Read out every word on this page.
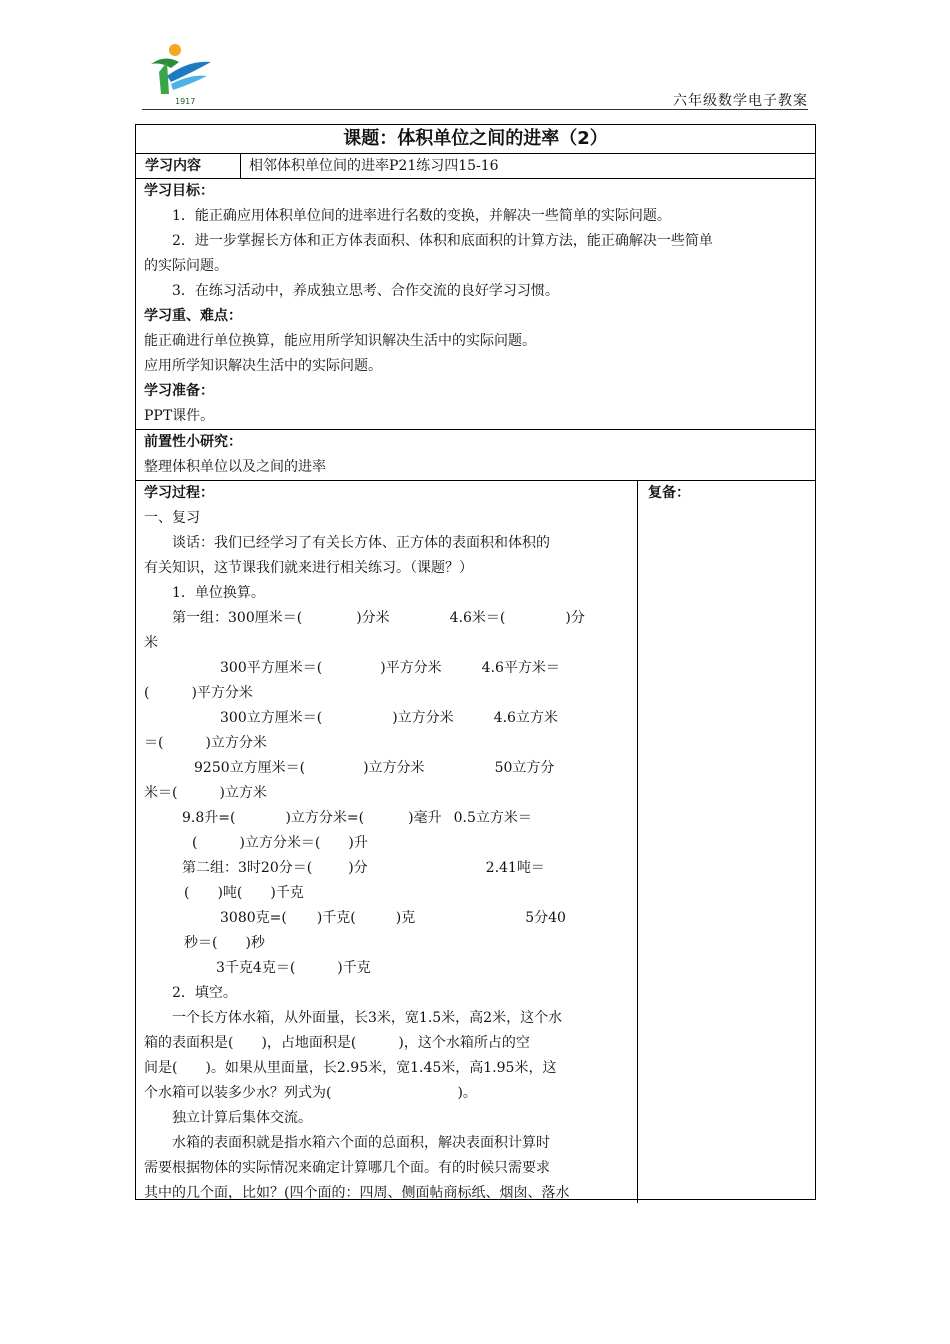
1917	六年级数学电子教案
课题：体积单位之间的进率（2）
学习内容	相邻体积单位间的进率P21练习四15-16
学习目标：
1．能正确应用体积单位间的进率进行名数的变换，并解决一些简单的实际问题。
2．进一步掌握长方体和正方体表面积、体积和底面积的计算方法，能正确解决一些简单
的实际问题。
3．在练习活动中，养成独立思考、合作交流的良好学习习惯。
学习重、难点：
能正确进行单位换算，能应用所学知识解决生活中的实际问题。
应用所学知识解决生活中的实际问题。
学习准备：
PPT课件。
前置性小研究：
整理体积单位以及之间的进率
学习过程：
一、复习
谈话：我们已经学习了有关长方体、正方体的表面积和体积的
有关知识，这节课我们就来进行相关练习。（课题？）
1．单位换算。
第一组：300厘米＝(	)分米	4.6米＝(	)分
米
300平方厘米＝(	)平方分米	4.6平方米＝
(　　　)平方分米
300立方厘米＝(	)立方分米	4.6立方米
＝(　　　)立方分米
9250立方厘米＝(	)立方分米	50立方分
米＝(　　　)立方米
9.8升=(	)立方分米=(	)毫升 0.5立方米＝
(　　　)立方分米＝(　　)升
第二组：3时20分＝(	)分	2.41吨＝
(　　)吨(　　)千克
3080克=( )千克(	)克	5分40
秒＝(　　)秒
3千克4克＝(　　　)千克
2．填空。
一个长方体水箱，从外面量，长3米，宽1.5米，高2米，这个水
箱的表面积是(　　)，占地面积是(　　　)，这个水箱所占的空
间是(　　)。如果从里面量，长2.95米，宽1.45米，高1.95米，这
个水箱可以装多少水？列式为(　　　　　　　　　)。
独立计算后集体交流。
水箱的表面积就是指水箱六个面的总面积，解决表面积计算时
需要根据物体的实际情况来确定计算哪几个面。有的时候只需要求
其中的几个面，比如？(四个面的：四周、侧面帖商标纸、烟囱、落水
复备：
